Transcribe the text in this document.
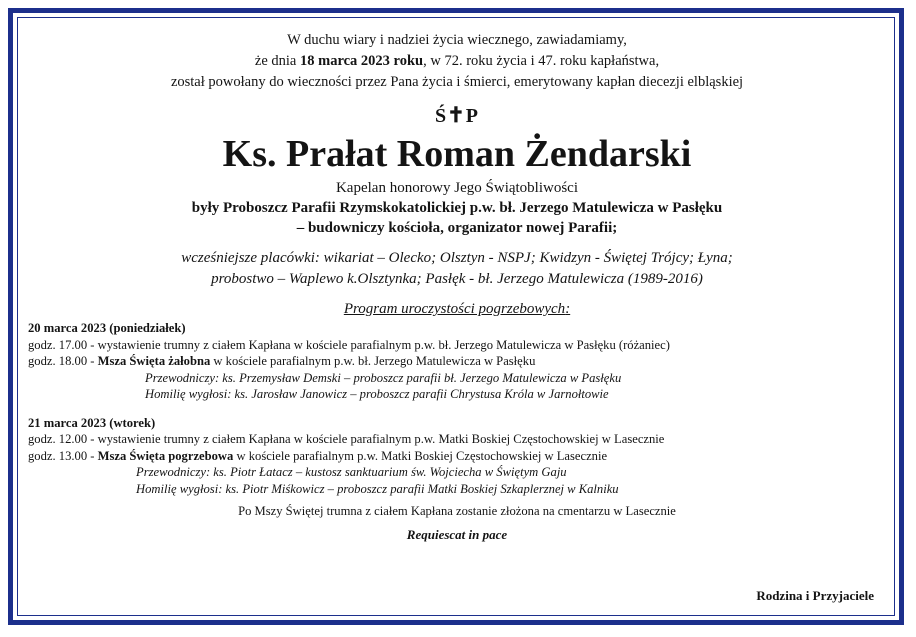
W duchu wiary i nadziei życia wiecznego, zawiadamiamy,
że dnia 18 marca 2023 roku, w 72. roku życia i 47. roku kapłaństwa,
został powołany do wieczności przez Pana życia i śmierci, emerytowany kapłan diecezji elbląskiej
Ś✝P
Ks. Prałat Roman Żendarski
Kapelan honorowy Jego Świątobliwości
były Proboszcz Parafii Rzymskokatolickiej p.w. bł. Jerzego Matulewicza w Pasłęku
– budowniczy kościoła, organizator nowej Parafii;
wcześniejsze placówki: wikariat – Olecko; Olsztyn - NSPJ; Kwidzyn - Świętej Trójcy; Łyna;
probostwo – Waplewo k.Olsztynka; Pasłęk - bł. Jerzego Matulewicza (1989-2016)
Program uroczystości pogrzebowych:
20 marca 2023 (poniedziałek)
godz. 17.00 - wystawienie trumny z ciałem Kapłana w kościele parafialnym p.w. bł. Jerzego Matulewicza w Pasłęku (różaniec)
godz. 18.00 - Msza Święta żałobna w kościele parafialnym p.w. bł. Jerzego Matulewicza w Pasłęku
Przewodniczy: ks. Przemysław Demski – proboszcz parafii bł. Jerzego Matulewicza w Pasłęku
Homilię wygłosi: ks. Jarosław Janowicz – proboszcz parafii Chrystusa Króla w Jarnołtowie
21 marca 2023 (wtorek)
godz. 12.00 - wystawienie trumny z ciałem Kapłana w kościele parafialnym p.w. Matki Boskiej Częstochowskiej w Lasecznie
godz. 13.00 - Msza Święta pogrzebowa w kościele parafialnym p.w. Matki Boskiej Częstochowskiej w Lasecznie
Przewodniczy: ks. Piotr Łatacz – kustosz sanktuarium św. Wojciecha w Świętym Gaju
Homilię wygłosi: ks. Piotr Miśkowicz – proboszcz parafii Matki Boskiej Szkaplerznej w Kalniku
Po Mszy Świętej trumna z ciałem Kapłana zostanie złożona na cmentarzu w Lasecznie
Requiescat in pace
Rodzina i Przyjaciele
